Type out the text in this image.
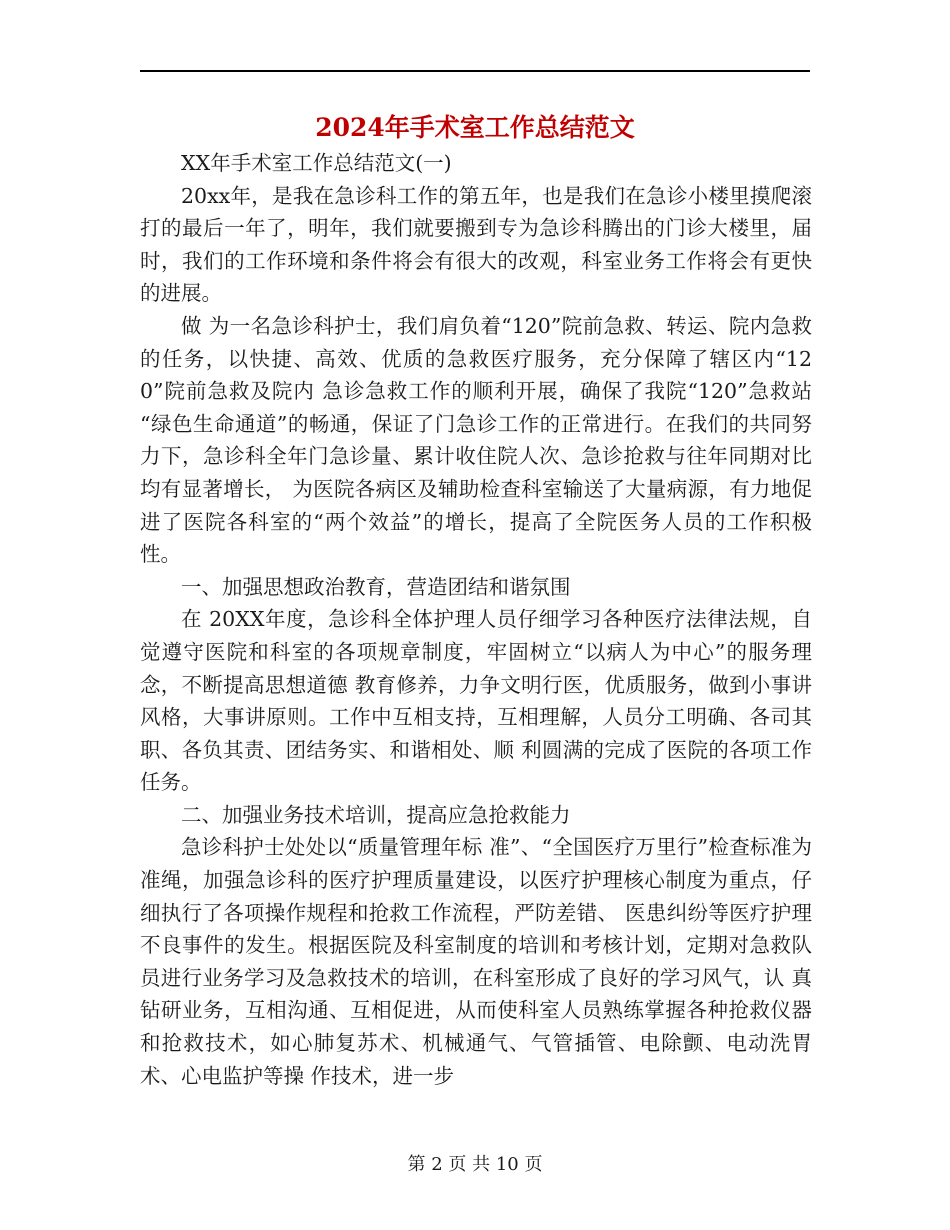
2024年手术室工作总结范文

XX年手术室工作总结范文(一)

20xx年，是我在急诊科工作的第五年，也是我们在急诊小楼里摸爬滚打的最后一年了，明年，我们就要搬到专为急诊科腾出的门诊大楼里，届时，我们的工作环境和条件将会有很大的改观，科室业务工作将会有更快的进展。

做 为一名急诊科护士，我们肩负着“120”院前急救、转运、院内急救的任务，以快捷、高效、优质的急救医疗服务，充分保障了辖区内“120”院前急救及院内 急诊急救工作的顺利开展，确保了我院“120”急救站 “绿色生命通道”的畅通，保证了门急诊工作的正常进行。在我们的共同努力下，急诊科全年门急诊量、累计收住院人次、急诊抢救与往年同期对比均有显著增长， 为医院各病区及辅助检查科室输送了大量病源，有力地促进了医院各科室的“两个效益”的增长，提高了全院医务人员的工作积极性。

一、加强思想政治教育，营造团结和谐氛围

在 20XX年度，急诊科全体护理人员仔细学习各种医疗法律法规，自觉遵守医院和科室的各项规章制度，牢固树立“以病人为中心”的服务理念，不断提高思想道德 教育修养，力争文明行医，优质服务，做到小事讲风格，大事讲原则。工作中互相支持，互相理解，人员分工明确、各司其职、各负其责、团结务实、和谐相处、顺 利圆满的完成了医院的各项工作任务。

二、加强业务技术培训，提高应急抢救能力

急诊科护士处处以“质量管理年标 准”、“全国医疗万里行”检查标准为准绳，加强急诊科的医疗护理质量建设，以医疗护理核心制度为重点，仔细执行了各项操作规程和抢救工作流程，严防差错、 医患纠纷等医疗护理不良事件的发生。根据医院及科室制度的培训和考核计划，定期对急救队员进行业务学习及急救技术的培训，在科室形成了良好的学习风气，认 真钻研业务，互相沟通、互相促进，从而使科室人员熟练掌握各种抢救仪器和抢救技术，如心肺复苏术、机械通气、气管插管、电除颤、电动洗胃术、心电监护等操 作技术，进一步

第 2 页 共 10 页
